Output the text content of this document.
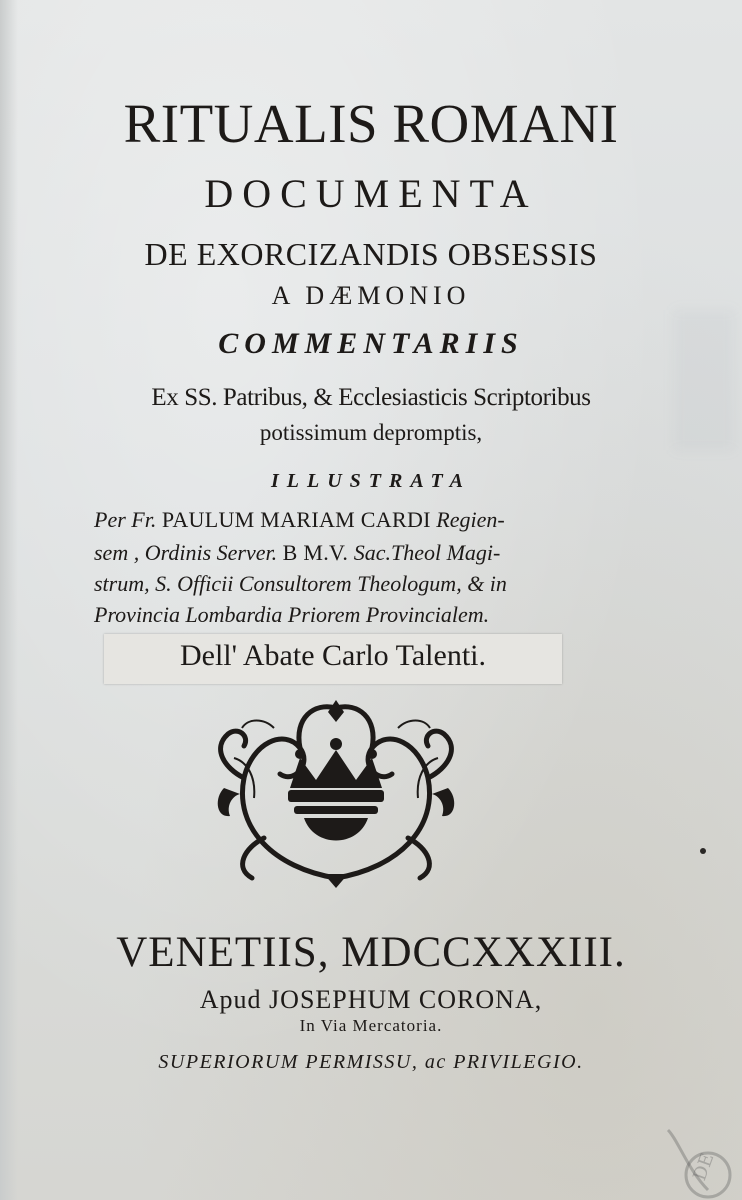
RITUALIS ROMANI
DOCUMENTA
DE EXORCIZANDIS OBSESSIS
A DÆMONIO
COMMENTARIIS
Ex SS. Patribus, & Ecclesiasticis Scriptoribus
potissimum depromptis,
ILLUSTRATA
Per Fr. PAULUM MARIAM CARDI Regien-
sem , Ordinis Server. B M.V. Sac.Theol Magi-
strum, S. Officii Consultorem Theologum, & in
Provincia Lombardia Priorem Provincialem.
Dell' Abate Carlo Talenti.
VENETIIS, MDCCXXXIII.
Apud JOSEPHUM CORONA,
In Via Mercatoria.
SUPERIORUM PERMISSU, ac PRIVILEGIO.
DE
